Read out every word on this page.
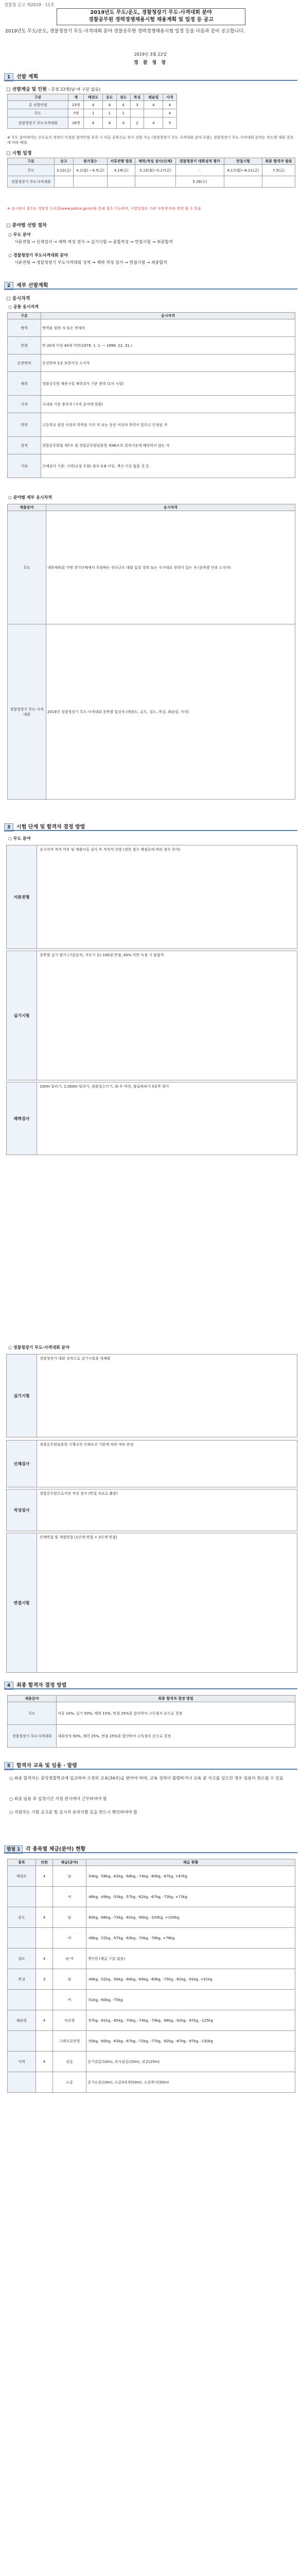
경찰청 공고 제2019 - 11호
2019년도 무도/운도, 경찰청장기 무도·사격대회 분야
경찰공무원 경력경쟁채용시험 채용계획 및 일정 등 공고
2019년도 무도/운도, 경찰청장기 무도·사격대회 분야 경찰공무원 경력경쟁채용시험 일정 등을 다음과 같이 공고합니다.
2019년 3월 22일
경 찰 청 장
1 선발 계획
□ 선발계급 및 인원 : 총경 22명(남·여 구분 없음)
구분	계	태권도	유도	검도	복싱	레슬링	사격
총 선발인원	23명	4	4	4	3	4	4
무도	7명	1	1	1			4
경찰청장기 무도사격대회	16명	4	4	4	2	4	5
※ 무도 분야에서는 선수로서 경력이 인정된 합격인원 부족 시 다른 종목으로 추가 선발 가능 (경찰청장기 무도 사격대회 분야 포함), 경찰청장기 무도·사격대회 분야는 연도별 대회 결과에 따라 배정.
□ 시험 일정
구분	공고	원서접수	서류전형 발표	체력/적성 검사(신체)	경찰청장기 대회성적 평가	면접시험	최종 합격자 발표
무도	3.22(금)	4.1(월) ~4.5(금)	4.19(금)	5.13(월)~5.17(금)	-	6.17(월)~6.21(금)	7.5(금)
경찰청장기 무도사격대회					5.29(수)		
※ 응시원서 접수는 경찰청 누리집(www.police.go.kr)을 통해 접수 가능하며, 시험일정은 기관 사정에 따라 변경 될 수 있음
□ 분야별 선발 절차
○ 무도 분야
서류전형 → 신체검사 → 체력·적성 검사 → 실기시험 → 종합적성 → 면접시험 → 최종합격
○ 경찰청장기 무도사격대회 분야
서류전형 → 경찰청장기 무도사격대회 성적 → 체력·적성 검사 → 면접시험 → 최종합격
2 세부 선발계획
□ 응시자격
○ 공통 응시자격
구분	응시자격
병역	병역을 필한 자 또는 면제자
연령	만 20세 이상 40세 미만(1979. 1. 1. ~ 1999. 12. 31.)
운전면허	운전면허 1종 보통이상 소지자
체력	경찰공무원 채용시험 체력검사 기준 충족 (1차 시험)
사격	국내외 기준 충족자 (사격 분야에 한함)
학력	고등학교 졸업 이상의 학력을 가진 자 또는 동등 이상의 학력이 있다고 인정된 자
결격	경찰공무원법 제7조 및 경찰공무원임용령 제46조의 결격사유에 해당하지 않는 자
기타	신체검사 기준: 시력(교정 포함) 좌우 0.8 이상, 색신 이상 없을 것 등
○ 분야별 세부 응시자격
채용분야	응시자격
무도	대한체육회 가맹 경기단체에서 주최하는 전국규모 대회 입상 경력 또는 국가대표 경력이 있는 자 (종목별 단증 소지자)
경찰청장기 무도·사격대회	2019년 경찰청장기 무도·사격대회 종목별 입상자 (태권도, 유도, 검도, 복싱, 레슬링, 사격)
3 시험 단계 및 합격자 결정 방법
○ 무도 분야
서류전형
응시자격 적격 여부 및 제출서류 심사 후 적격자 선발 (경력 점수 배점표에 따라 점수 부여)
실기시험
종목별 실기 평가 (기본동작, 겨루기 등) 100점 만점, 40% 미만 득점 시 불합격
체력검사
100m 달리기, 1,000m 달리기, 윗몸일으키기, 좌·우 악력, 팔굽혀펴기 5종목 평가
○ 경찰청장기 무도·사격대회 분야
실기시험
경찰청장기 대회 성적으로 실기시험을 대체함
신체검사
경찰공무원임용령 시행규칙 신체조건 기준에 따라 적부 판정
적성검사
경찰공무원으로서의 적성 검사 (면접 자료로 활용)
면접시험
단체면접 및 개별면접 (1단계 면접 + 2단계 면접)
4 최종 합격자 결정 방법
채용분야	최종 합격자 결정 방법
무도	서류 10%, 실기 50%, 체력 15%, 면접 25%를 합산하여 고득점자 순으로 결정
경찰청장기 무도사격대회	대회성적 50%, 체력 25%, 면접 25%를 합산하여 고득점자 순으로 결정
5 합격자 교육 및 임용 · 발령
○ 최종 합격자는 중앙경찰학교에 입교하여 소정의 교육(34주)을 받아야 하며, 교육 성적이 불량하거나 교육 중 사고를 일으킨 경우 임용이 취소될 수 있음
○ 최종 임용 후 일정기간 지정 관서에서 근무하여야 함
○ 지원자는 시험 공고문 및 응시자 유의사항 등을 반드시 확인하여야 함
별첨 1 각 종목별 체급(분야) 현황
종목	인원	체급(분야)	체급 현황
태권도	4	남	-54kg, -58kg, -63kg, -68kg, -74kg, -80kg, -87kg, +87kg
		여	-46kg, -49kg, -53kg, -57kg, -62kg, -67kg, -73kg, +73kg
유도	4	남	-60kg, -66kg, -73kg, -81kg, -90kg, -100kg, +100kg
		여	-48kg, -52kg, -57kg, -63kg, -70kg, -78kg, +78kg
검도	4	남·여	개인전 (체급 구분 없음)
복싱	3	남	-49kg, -52kg, -56kg, -60kg, -64kg, -69kg, -75kg, -81kg, -91kg, +91kg
		여	-51kg, -60kg, -75kg
레슬링	4	자유형	-57kg, -61kg, -65kg, -70kg, -74kg, -79kg, -86kg, -92kg, -97kg, -125kg
		그레코로만형	-55kg, -60kg, -63kg, -67kg, -72kg, -77kg, -82kg, -87kg, -97kg, -130kg
사격	4	권총	공기권총(10m), 속사권총(25m), 권총(25m)
		소총	공기소총(10m), 소총3자세(50m), 소총복사(50m)
